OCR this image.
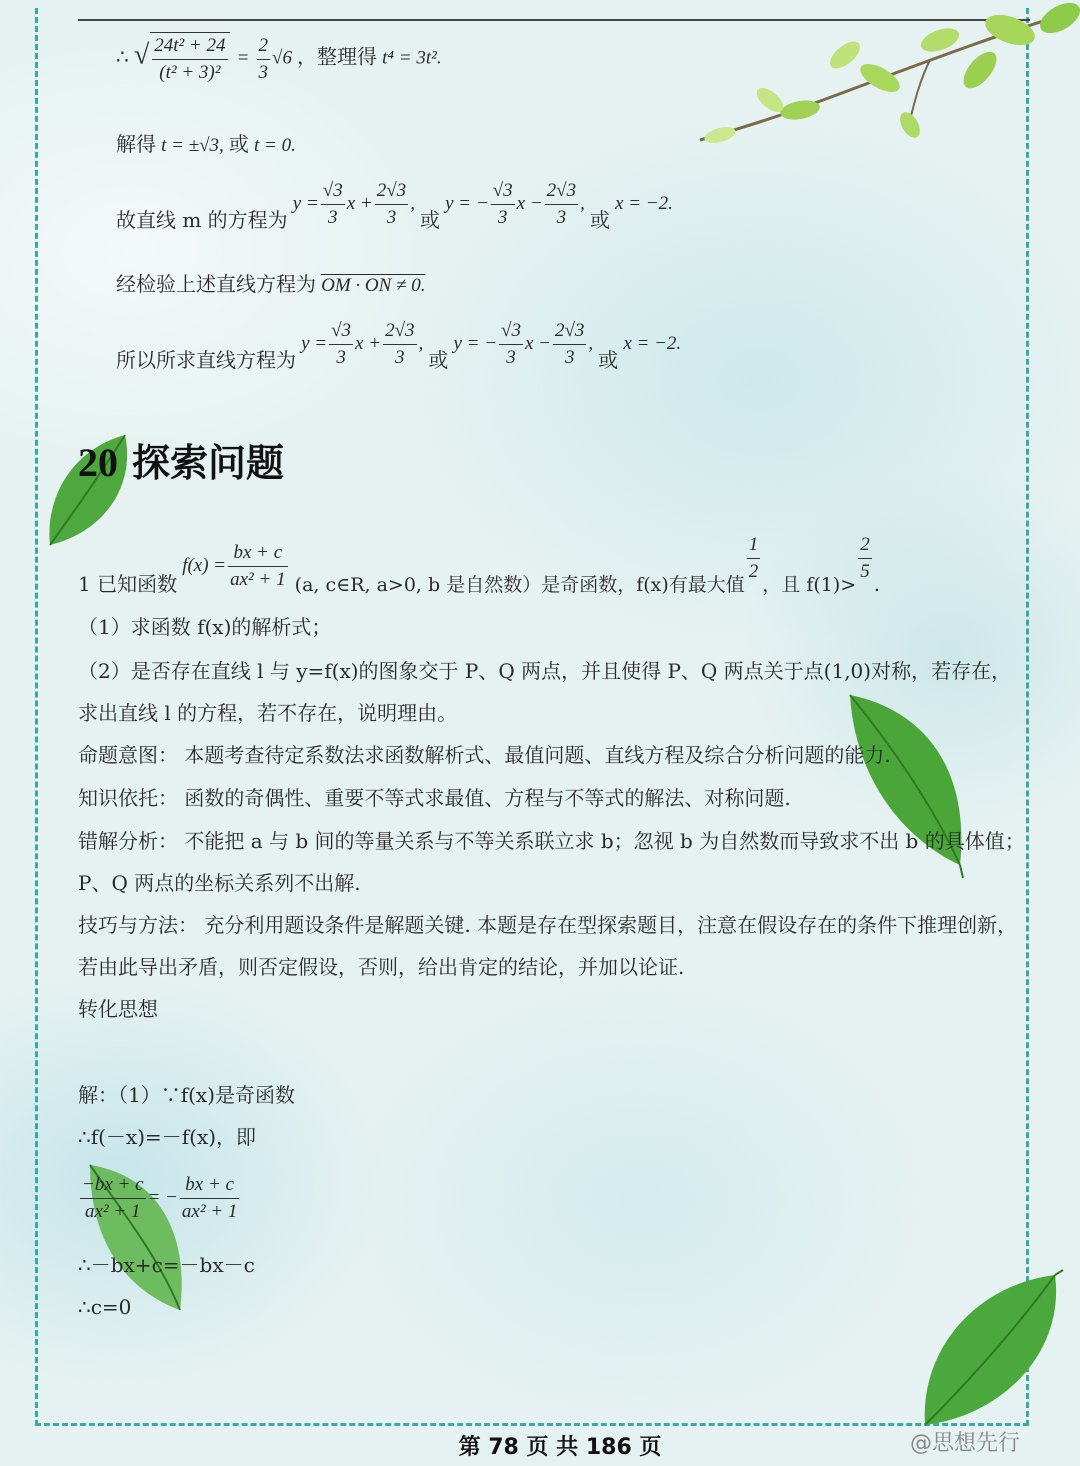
∴ √ $\frac{\text{24t² + 24}}{\text{(t² + 3)²}} = \frac{2}{3} √6$ ，整理得 t⁴ = 3t².
解得 t = ±√3, 或 t = 0.
故直线 m 的方程为 $y = \frac{√3}{3}$ $x + \frac{2√3}{3}$ , 或 y = − $\frac{√3}{3}$ $x - \frac{2√3}{3}$ , 或 x = −2.
经检验上述直线方程为 OM · ON ≠ 0.
所以所求直线方程为 $y = \frac{√3}{3}$ $x + \frac{2√3}{3}$ , 或 y = − $\frac{√3}{3}$ $x - \frac{2√3}{3}$ , 或 x = −2.
20 探索问题
1 已知函数 $f(x) = \frac{bx + c}{\text{ax² + 1}} (a$, c∈R, a>0, b 是自然数）是奇函数，f(x)有最大值 $\frac{1}{2}$ ，且 $f(1)> \frac{2}{5}$ .
（1）求函数 f(x)的解析式；
（2）是否存在直线 l 与 y=f(x)的图象交于 P、Q 两点，并且使得 P、Q 两点关于点(1,0)对称，若存在，求出直线 l 的方程，若不存在，说明理由。
命题意图： 本题考查待定系数法求函数解析式、最值问题、直线方程及综合分析问题的能力.
知识依托： 函数的奇偶性、重要不等式求最值、方程与不等式的解法、对称问题.
错解分析： 不能把 a 与 b 间的等量关系与不等关系联立求 b；忽视 b 为自然数而导致求不出 b 的具体值；P、Q 两点的坐标关系列不出解.
技巧与方法： 充分利用题设条件是解题关键. 本题是存在型探索题目，注意在假设存在的条件下推理创新，若由此导出矛盾，则否定假设，否则，给出肯定的结论，并加以论证.
转化思想
解：（1）∵f(x)是奇函数
∴f(－x)=－f(x)，即
$\frac{-bx + c}{\text{ax² + 1}}$ = − $\frac{bx + c}{\text{ax² + 1}}$
∴－bx+c=－bx－c
∴c=0
第 78 页 共 186 页	@思想先行
